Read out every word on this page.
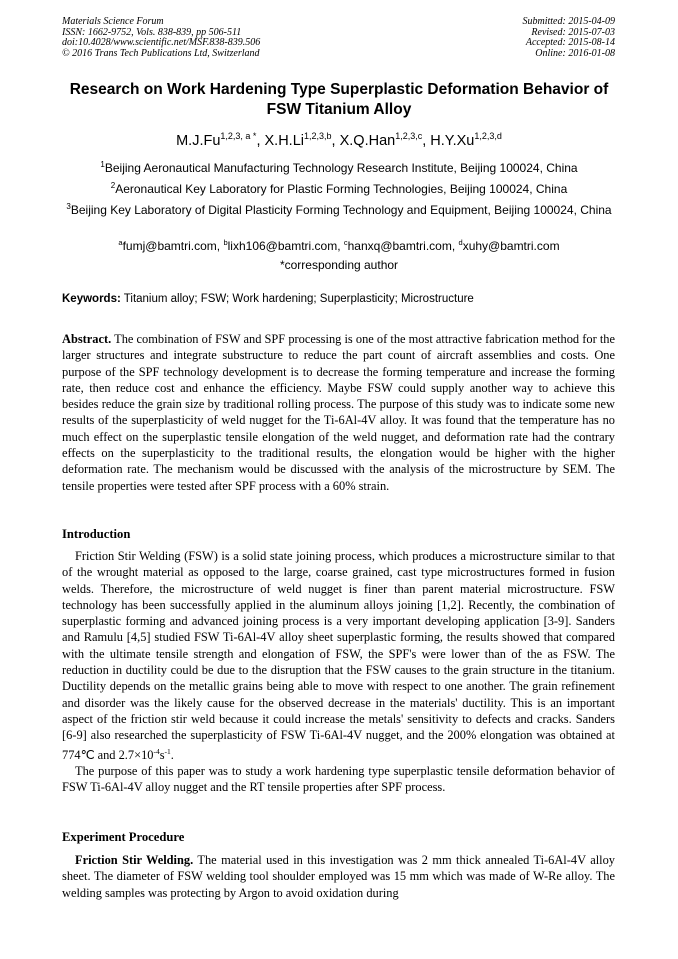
Materials Science Forum
ISSN: 1662-9752, Vols. 838-839, pp 506-511
doi:10.4028/www.scientific.net/MSF.838-839.506
© 2016 Trans Tech Publications Ltd, Switzerland
Submitted: 2015-04-09
Revised: 2015-07-03
Accepted: 2015-08-14
Online: 2016-01-08
Research on Work Hardening Type Superplastic Deformation Behavior of FSW Titanium Alloy
$M.J.Fu^{1,2,3, a *}$, X.H.Li$^{1,2,3,b}$, X.Q.Han$^{1,2,3,c}$, H.Y.Xu$^{1,2,3,d}$
$^1$Beijing Aeronautical Manufacturing Technology Research Institute, Beijing 100024, China
$^2$Aeronautical Key Laboratory for Plastic Forming Technologies, Beijing 100024, China
$^3$Beijing Key Laboratory of Digital Plasticity Forming Technology and Equipment, Beijing 100024, China
$^a$fumj@bamtri.com, $^b$lixh106@bamtri.com, $^c$hanxq@bamtri.com, $^d$xuhy@bamtri.com
*corresponding author
Keywords: Titanium alloy; FSW; Work hardening; Superplasticity; Microstructure

Abstract. The combination of FSW and SPF processing is one of the most attractive fabrication method for the larger structures and integrate substructure to reduce the part count of aircraft assemblies and costs. One purpose of the SPF technology development is to decrease the forming temperature and increase the forming rate, then reduce cost and enhance the efficiency. Maybe FSW could supply another way to achieve this besides reduce the grain size by traditional rolling process. The purpose of this study was to indicate some new results of the superplasticity of weld nugget for the Ti-6Al-4V alloy. It was found that the temperature has no much effect on the superplastic tensile elongation of the weld nugget, and deformation rate had the contrary effects on the superplasticity to the traditional results, the elongation would be higher with the higher deformation rate. The mechanism would be discussed with the analysis of the microstructure by SEM. The tensile properties were tested after SPF process with a 60% strain.

Introduction

Friction Stir Welding (FSW) is a solid state joining process, which produces a microstructure similar to that of the wrought material as opposed to the large, coarse grained, cast type microstructures formed in fusion welds. Therefore, the microstructure of weld nugget is finer than parent material microstructure. FSW technology has been successfully applied in the aluminum alloys joining [1,2]. Recently, the combination of superplastic forming and advanced joining process is a very important developing application [3-9]. Sanders and Ramulu [4,5] studied FSW Ti-6Al-4V alloy sheet superplastic forming, the results showed that compared with the ultimate tensile strength and elongation of FSW, the SPF's were lower than of the as FSW. The reduction in ductility could be due to the disruption that the FSW causes to the grain structure in the titanium. Ductility depends on the metallic grains being able to move with respect to one another. The grain refinement and disorder was the likely cause for the observed decrease in the materials' ductility. This is an important aspect of the friction stir weld because it could increase the metals' sensitivity to defects and cracks. Sanders [6-9] also researched the superplasticity of FSW Ti-6Al-4V nugget, and the 200% elongation was obtained at 774℃ and $2.7\times 10^{-4}s^{-1}$.

The purpose of this paper was to study a work hardening type superplastic tensile deformation behavior of FSW Ti-6Al-4V alloy nugget and the RT tensile properties after SPF process.

Experiment Procedure

Friction Stir Welding. The material used in this investigation was 2 mm thick annealed Ti-6Al-4V alloy sheet. The diameter of FSW welding tool shoulder employed was 15 mm which was made of W-Re alloy. The welding samples was protecting by Argon to avoid oxidation during
